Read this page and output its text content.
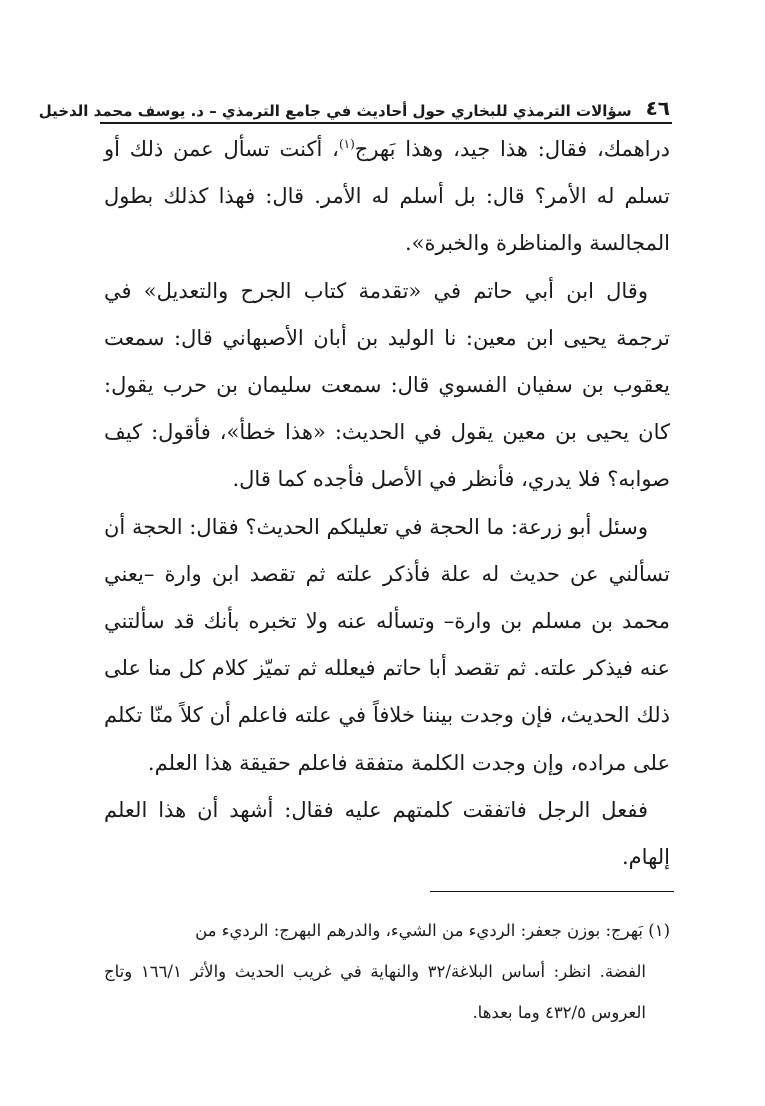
٤٦
سؤالات الترمذي للبخاري حول أحاديث في جامع الترمذي – د. يوسف محمد الدخيل

دراهمك، فقال: هذا جيد، وهذا بَهرج$^{(١)}$، أكنت تسأل عمن ذلك أو تسلم له الأمر؟ قال: بل أسلم له الأمر. قال: فهذا كذلك بطول المجالسة والمناظرة والخبرة».

وقال ابن أبي حاتم في «تقدمة كتاب الجرح والتعديل» في ترجمة يحيى ابن معين: نا الوليد بن أبان الأصبهاني قال: سمعت يعقوب بن سفيان الفسوي قال: سمعت سليمان بن حرب يقول: كان يحيى بن معين يقول في الحديث: «هذا خطأ»، فأقول: كيف صوابه؟ فلا يدري، فأنظر في الأصل فأجده كما قال.

وسئل أبو زرعة: ما الحجة في تعليلكم الحديث؟ فقال: الحجة أن تسألني عن حديث له علة فأذكر علته ثم تقصد ابن وارة –يعني محمد بن مسلم بن وارة– وتسأله عنه ولا تخبره بأنك قد سألتني عنه فيذكر علته. ثم تقصد أبا حاتم فيعلله ثم تميّز كلام كل منا على ذلك الحديث، فإن وجدت بيننا خلافاً في علته فاعلم أن كلاً منّا تكلم على مراده، وإن وجدت الكلمة متفقة فاعلم حقيقة هذا العلم.

ففعل الرجل فاتفقت كلمتهم عليه فقال: أشهد أن هذا العلم إلهام.

(١) بَهرج: بوزن جعفر: الرديء من الشيء، والدرهم البهرج: الرديء من

الفضة. انظر: أساس البلاغة/٣٢ والنهاية في غريب الحديث والأثر ١٦٦/١ وتاج العروس ٤٣٢/٥ وما بعدها.
